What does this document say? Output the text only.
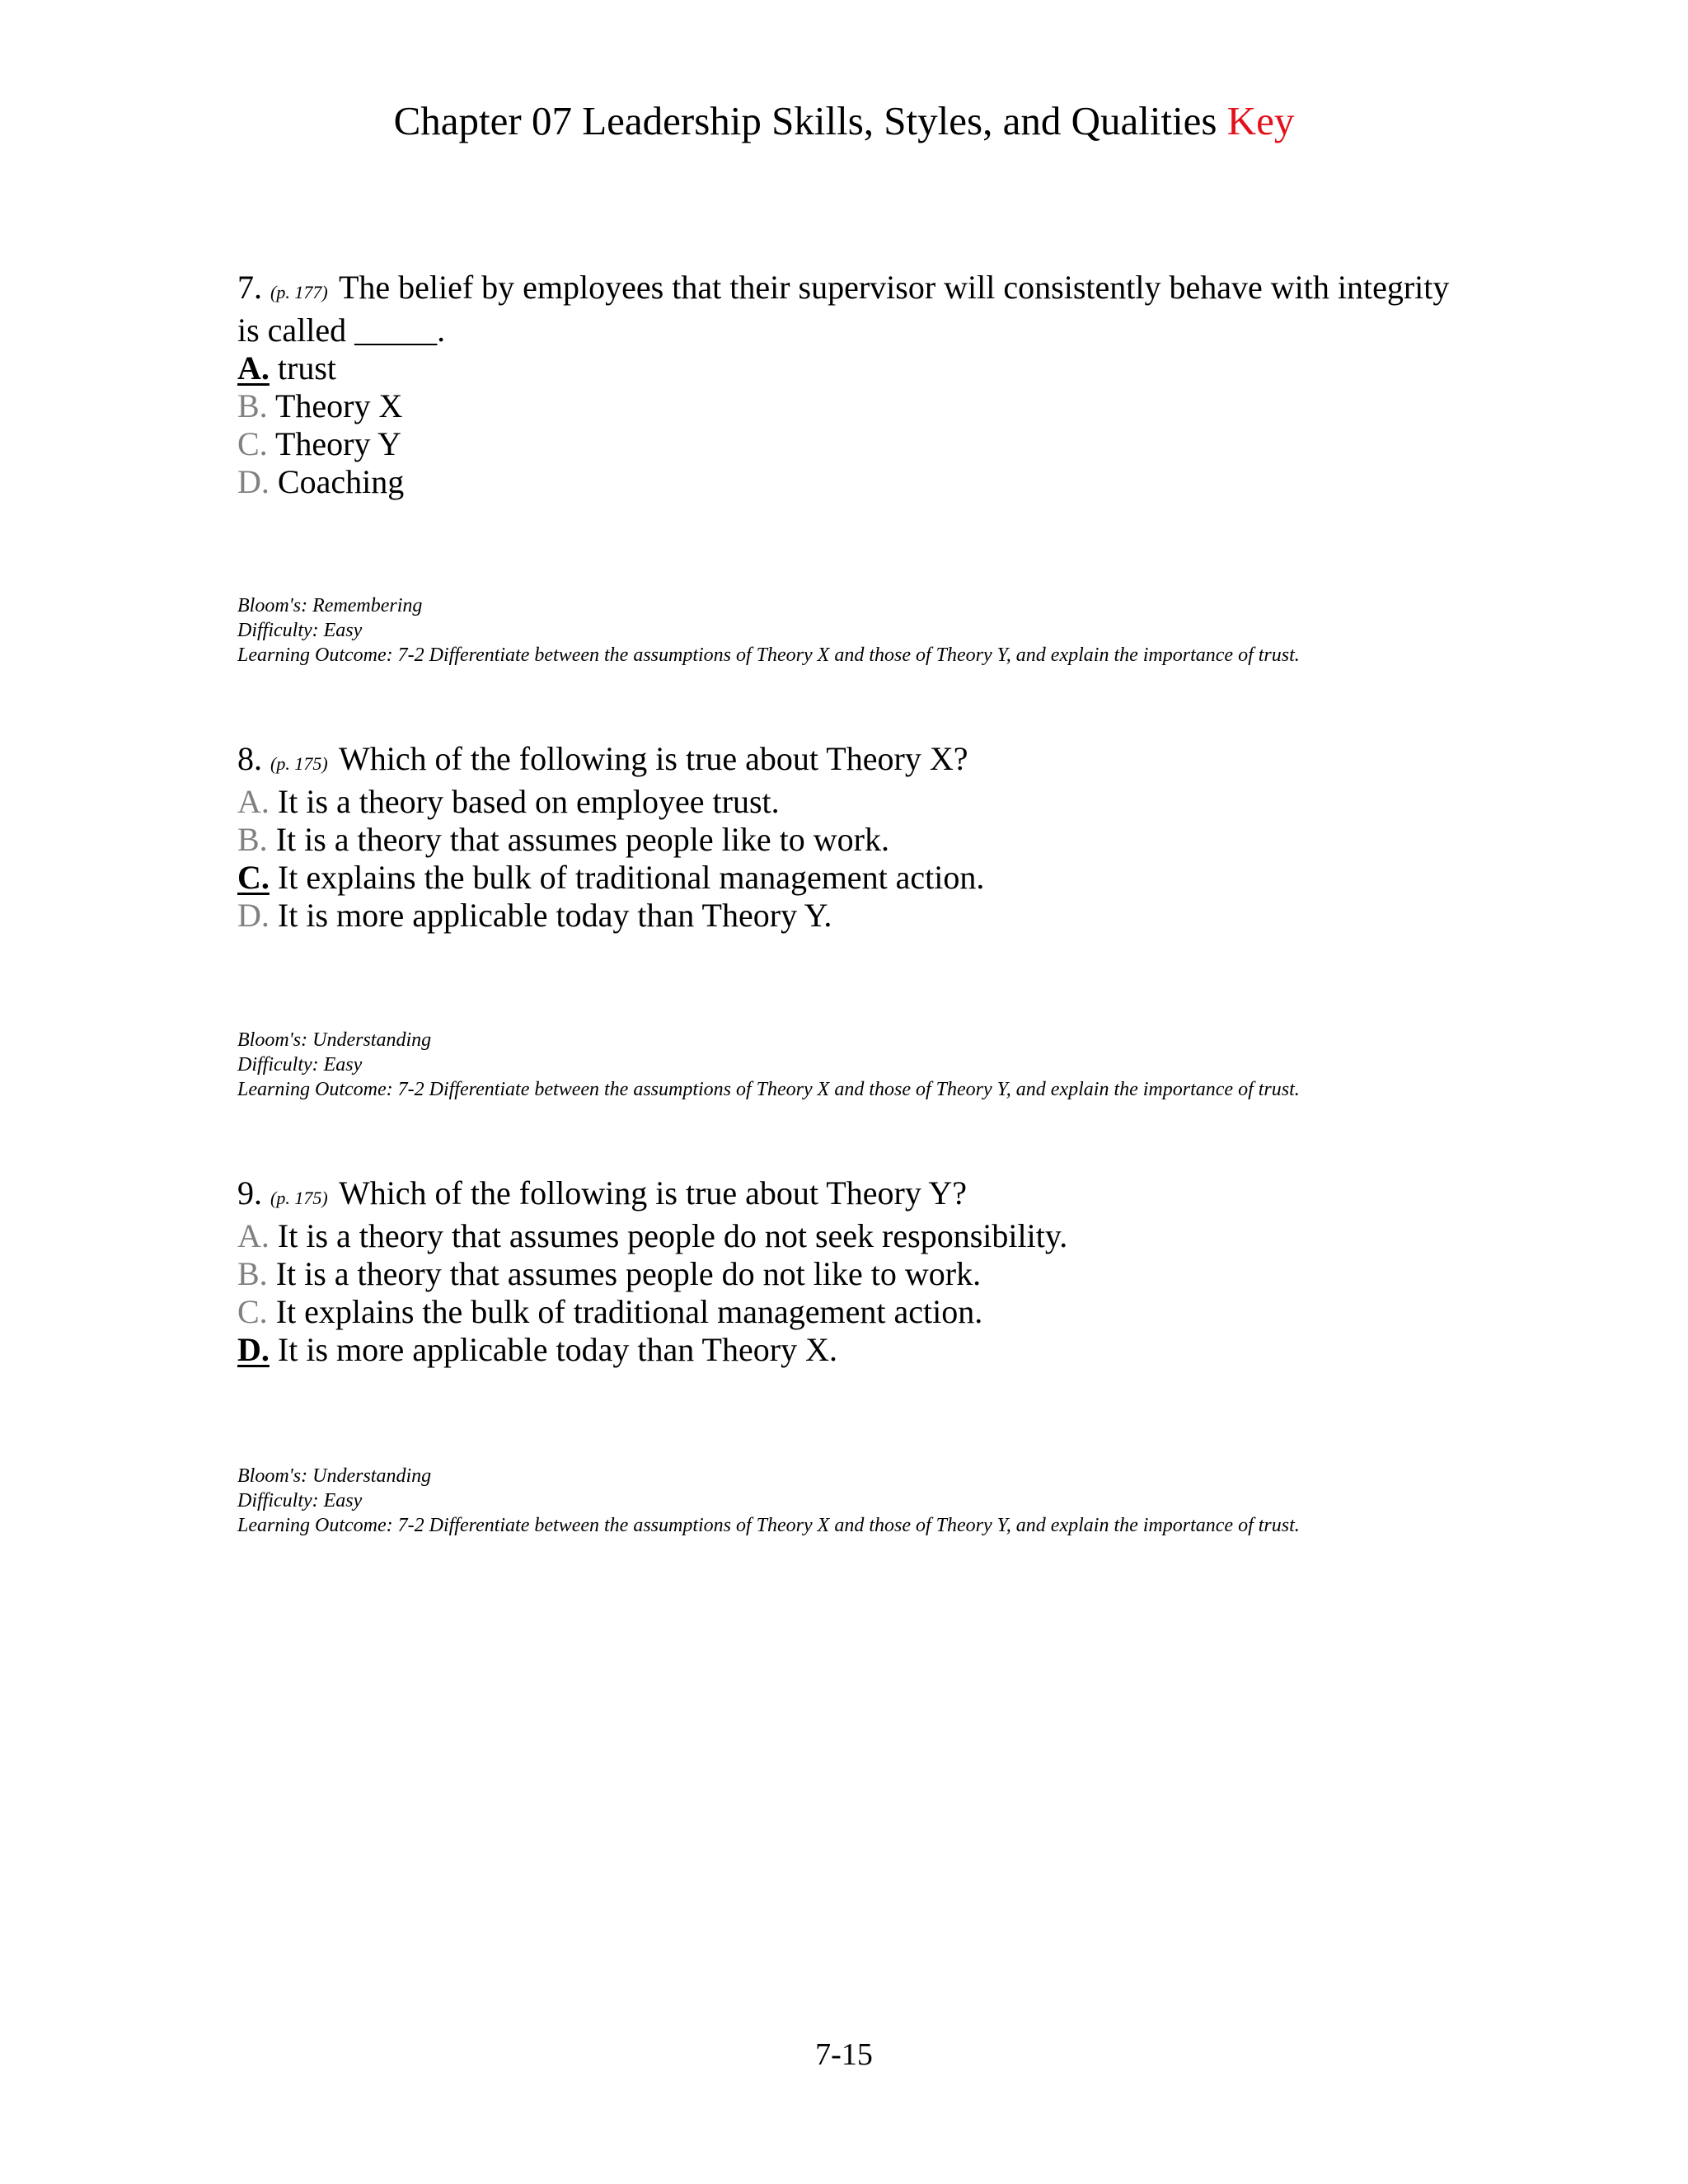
Chapter 07 Leadership Skills, Styles, and Qualities Key
7. (p. 177) The belief by employees that their supervisor will consistently behave with integrity
is called _____.
A. trust
B. Theory X
C. Theory Y
D. Coaching
Bloom's: Remembering
Difficulty: Easy
Learning Outcome: 7-2 Differentiate between the assumptions of Theory X and those of Theory Y, and explain the importance of trust.
8. (p. 175) Which of the following is true about Theory X?
A. It is a theory based on employee trust.
B. It is a theory that assumes people like to work.
C. It explains the bulk of traditional management action.
D. It is more applicable today than Theory Y.
Bloom's: Understanding
Difficulty: Easy
Learning Outcome: 7-2 Differentiate between the assumptions of Theory X and those of Theory Y, and explain the importance of trust.
9. (p. 175) Which of the following is true about Theory Y?
A. It is a theory that assumes people do not seek responsibility.
B. It is a theory that assumes people do not like to work.
C. It explains the bulk of traditional management action.
D. It is more applicable today than Theory X.
Bloom's: Understanding
Difficulty: Easy
Learning Outcome: 7-2 Differentiate between the assumptions of Theory X and those of Theory Y, and explain the importance of trust.
7-15
